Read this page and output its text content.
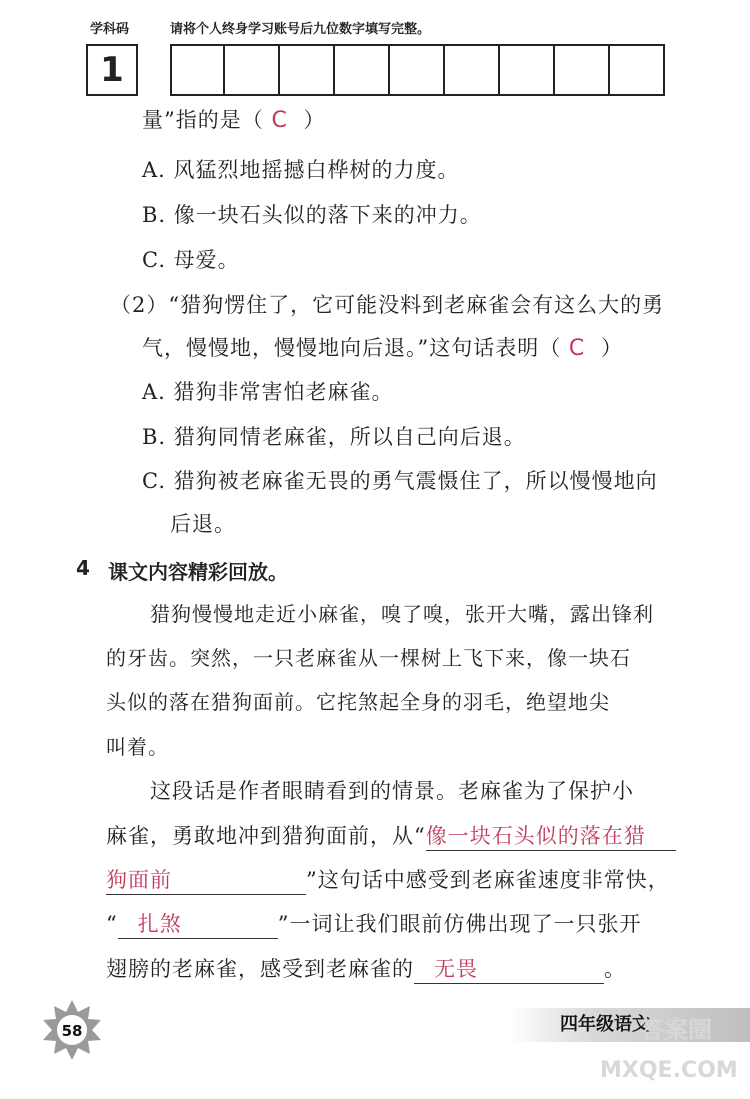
学科码	请将个人终身学习账号后九位数字填写完整。
1
量”指的是（ C ）
A. 风猛烈地摇撼白桦树的力度。
B. 像一块石头似的落下来的冲力。
C. 母爱。
（2）“猎狗愣住了，它可能没料到老麻雀会有这么大的勇
气，慢慢地，慢慢地向后退。”这句话表明（ C ）
A. 猎狗非常害怕老麻雀。
B. 猎狗同情老麻雀，所以自己向后退。
C. 猎狗被老麻雀无畏的勇气震慑住了，所以慢慢地向
后退。
4 课文内容精彩回放。
猎狗慢慢地走近小麻雀，嗅了嗅，张开大嘴，露出锋利
的牙齿。突然，一只老麻雀从一棵树上飞下来，像一块石
头似的落在猎狗面前。它挓煞起全身的羽毛，绝望地尖
叫着。
这段话是作者眼睛看到的情景。老麻雀为了保护小
麻雀，勇敢地冲到猎狗面前，从“像一块石头似的落在猎
狗面前	”这句话中感受到老麻雀速度非常快，
“ 扎煞	”一词让我们眼前仿佛出现了一只张开
翅膀的老麻雀，感受到老麻雀的 无畏	。
58	四年级语文
答案圈
MXQE.COM
